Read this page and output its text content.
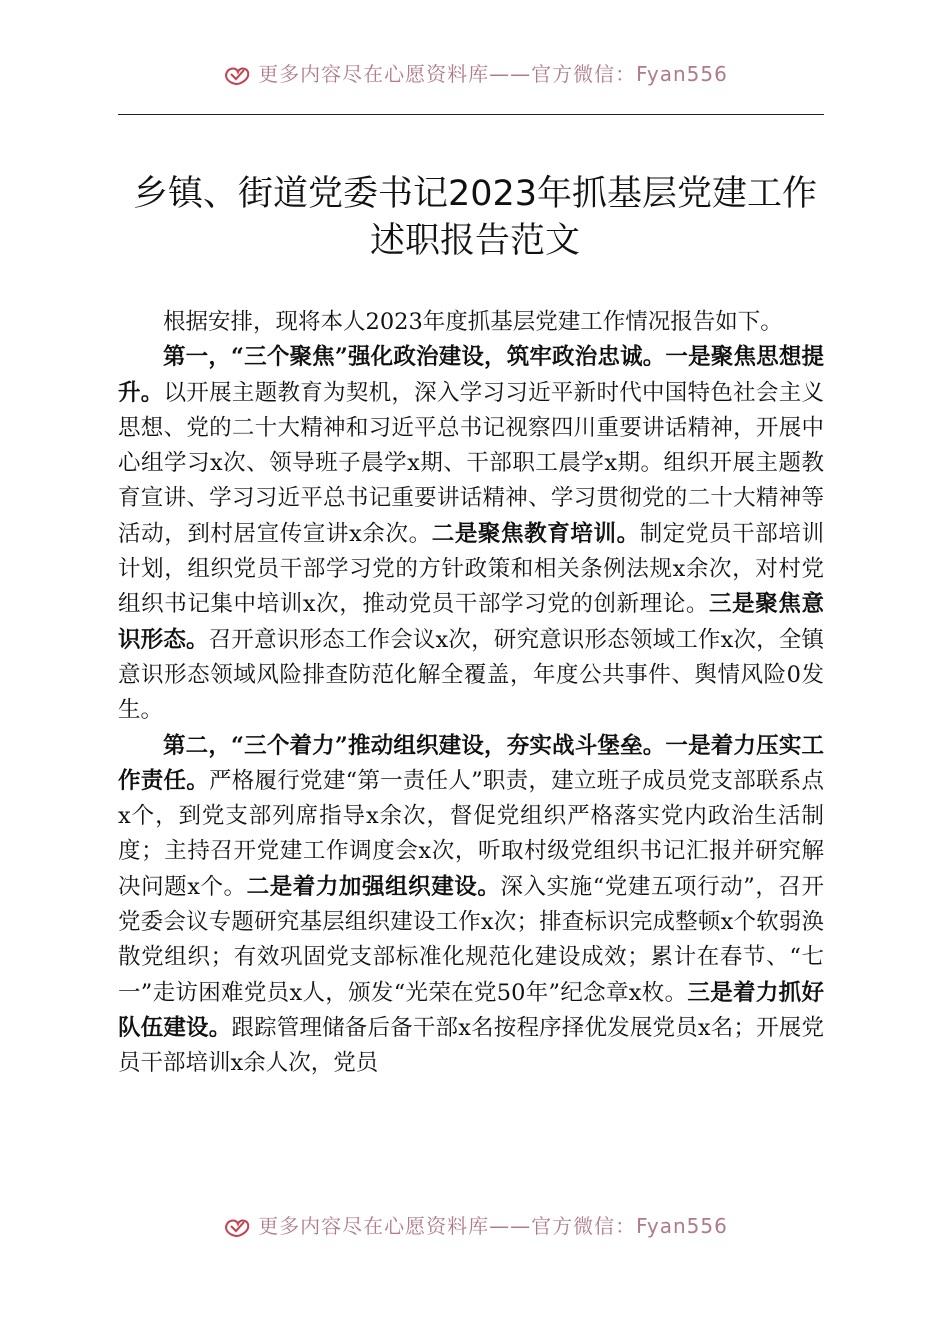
更多内容尽在心愿资料库——官方微信：Fyan556
乡镇、街道党委书记2023年抓基层党建工作
述职报告范文

根据安排，现将本人2023年度抓基层党建工作情况报告如下。

第一，“三个聚焦”强化政治建设，筑牢政治忠诚。一是聚焦思想提升。以开展主题教育为契机，深入学习习近平新时代中国特色社会主义思想、党的二十大精神和习近平总书记视察四川重要讲话精神，开展中心组学习x次、领导班子晨学x期、干部职工晨学x期。组织开展主题教育宣讲、学习习近平总书记重要讲话精神、学习贯彻党的二十大精神等活动，到村居宣传宣讲x余次。二是聚焦教育培训。制定党员干部培训计划，组织党员干部学习党的方针政策和相关条例法规x余次，对村党组织书记集中培训x次，推动党员干部学习党的创新理论。三是聚焦意识形态。召开意识形态工作会议x次，研究意识形态领域工作x次，全镇意识形态领域风险排查防范化解全覆盖，年度公共事件、舆情风险0发生。

第二，“三个着力”推动组织建设，夯实战斗堡垒。一是着力压实工作责任。严格履行党建“第一责任人”职责，建立班子成员党支部联系点x个，到党支部列席指导x余次，督促党组织严格落实党内政治生活制度；主持召开党建工作调度会x次，听取村级党组织书记汇报并研究解决问题x个。二是着力加强组织建设。深入实施“党建五项行动”，召开党委会议专题研究基层组织建设工作x次；排查标识完成整顿x个软弱涣散党组织；有效巩固党支部标准化规范化建设成效；累计在春节、“七一”走访困难党员x人，颁发“光荣在党50年”纪念章x枚。三是着力抓好队伍建设。跟踪管理储备后备干部x名按程序择优发展党员x名；开展党员干部培训x余人次，党员

更多内容尽在心愿资料库——官方微信：Fyan556
